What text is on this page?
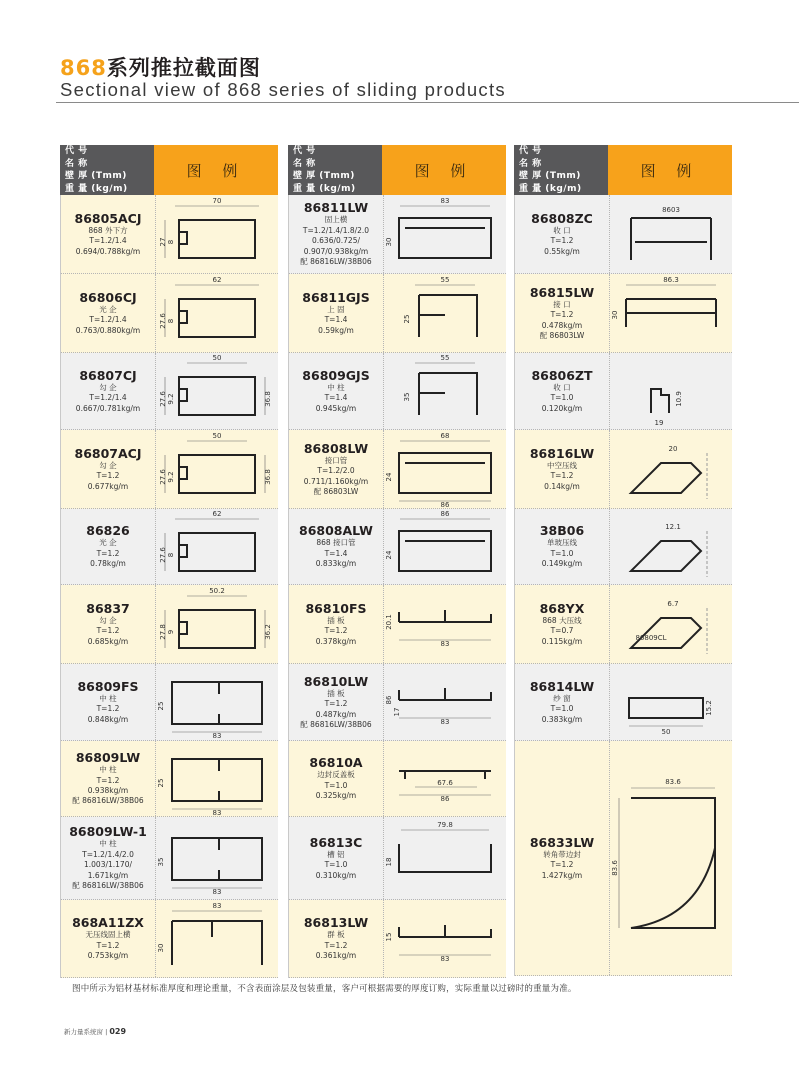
868系列推拉截面图
Sectional view of 868 series of sliding products
代 号
名 称
壁 厚 (Tmm)
重 量 (kg/m)
图 例
86805ACJ
868 外下方
T=1.2/1.4
0.694/0.788kg/m
70
27 8
86806CJ
光 企
T=1.2/1.4
0.763/0.880kg/m
62
27.6 8
86807CJ
勾 企
T=1.2/1.4
0.667/0.781kg/m
50
27.6 9.2	36.8
86807ACJ
勾 企
T=1.2
0.677kg/m
50
27.6 9.2	36.8
86826
光 企
T=1.2
0.78kg/m
62
27.6 8
86837
勾 企
T=1.2
0.685kg/m
50.2
27.8 9	36.2
86809FS
中 柱
T=1.2
0.848kg/m
25
83
86809LW
中 柱
T=1.2
0.938kg/m
配 86816LW/38B06
25
83
86809LW-1
中 柱
T=1.2/1.4/2.0
1.003/1.170/
1.671kg/m
配 86816LW/38B06
35
83
868A11ZX
无压线固上横
T=1.2
0.753kg/m
83
30
代 号
名 称
壁 厚 (Tmm)
重 量 (kg/m)
图 例
86811LW
固上横
T=1.2/1.4/1.8/2.0
0.636/0.725/
0.907/0.938kg/m
配 86816LW/38B06
83
30
86811GJS
上 固
T=1.4
0.59kg/m
55
25
86809GJS
中 柱
T=1.4
0.945kg/m
55
35
86808LW
接口管
T=1.2/2.0
0.711/1.160kg/m
配 86803LW
68
24
86
86808ALW
868 接口管
T=1.4
0.833kg/m
86
24
86810FS
插 板
T=1.2
0.378kg/m
20.1
83
86810LW
插 板
T=1.2
0.487kg/m
配 86816LW/38B06
86
83
17
86810A
边封反盖板
T=1.0
0.325kg/m
67.6
86
86813C
槽 铝
T=1.0
0.310kg/m
79.8
18
86813LW
群 板
T=1.2
0.361kg/m
15
83
代 号
名 称
壁 厚 (Tmm)
重 量 (kg/m)
图 例
86808ZC
收 口
T=1.2
0.55kg/m
8603
86815LW
接 口
T=1.2
0.478kg/m
配 86803LW
86.3
30
86806ZT
收 口
T=1.0
0.120kg/m
10.9
19
86816LW
中空压线
T=1.2
0.14kg/m
20
38B06
单玻压线
T=1.0
0.149kg/m
12.1
868YX
868 大压线
T=0.7
0.115kg/m
6.7
86809CL
86814LW
纱 窗
T=1.0
0.383kg/m
15.2
50
86833LW
转角带边封
T=1.2
1.427kg/m
83.6
83.6
图中所示为铝材基材标准厚度和理论重量，不含表面涂层及包装重量，客户可根据需要的厚度订购，实际重量以过磅时的重量为准。
新力量系统窗 | 029
